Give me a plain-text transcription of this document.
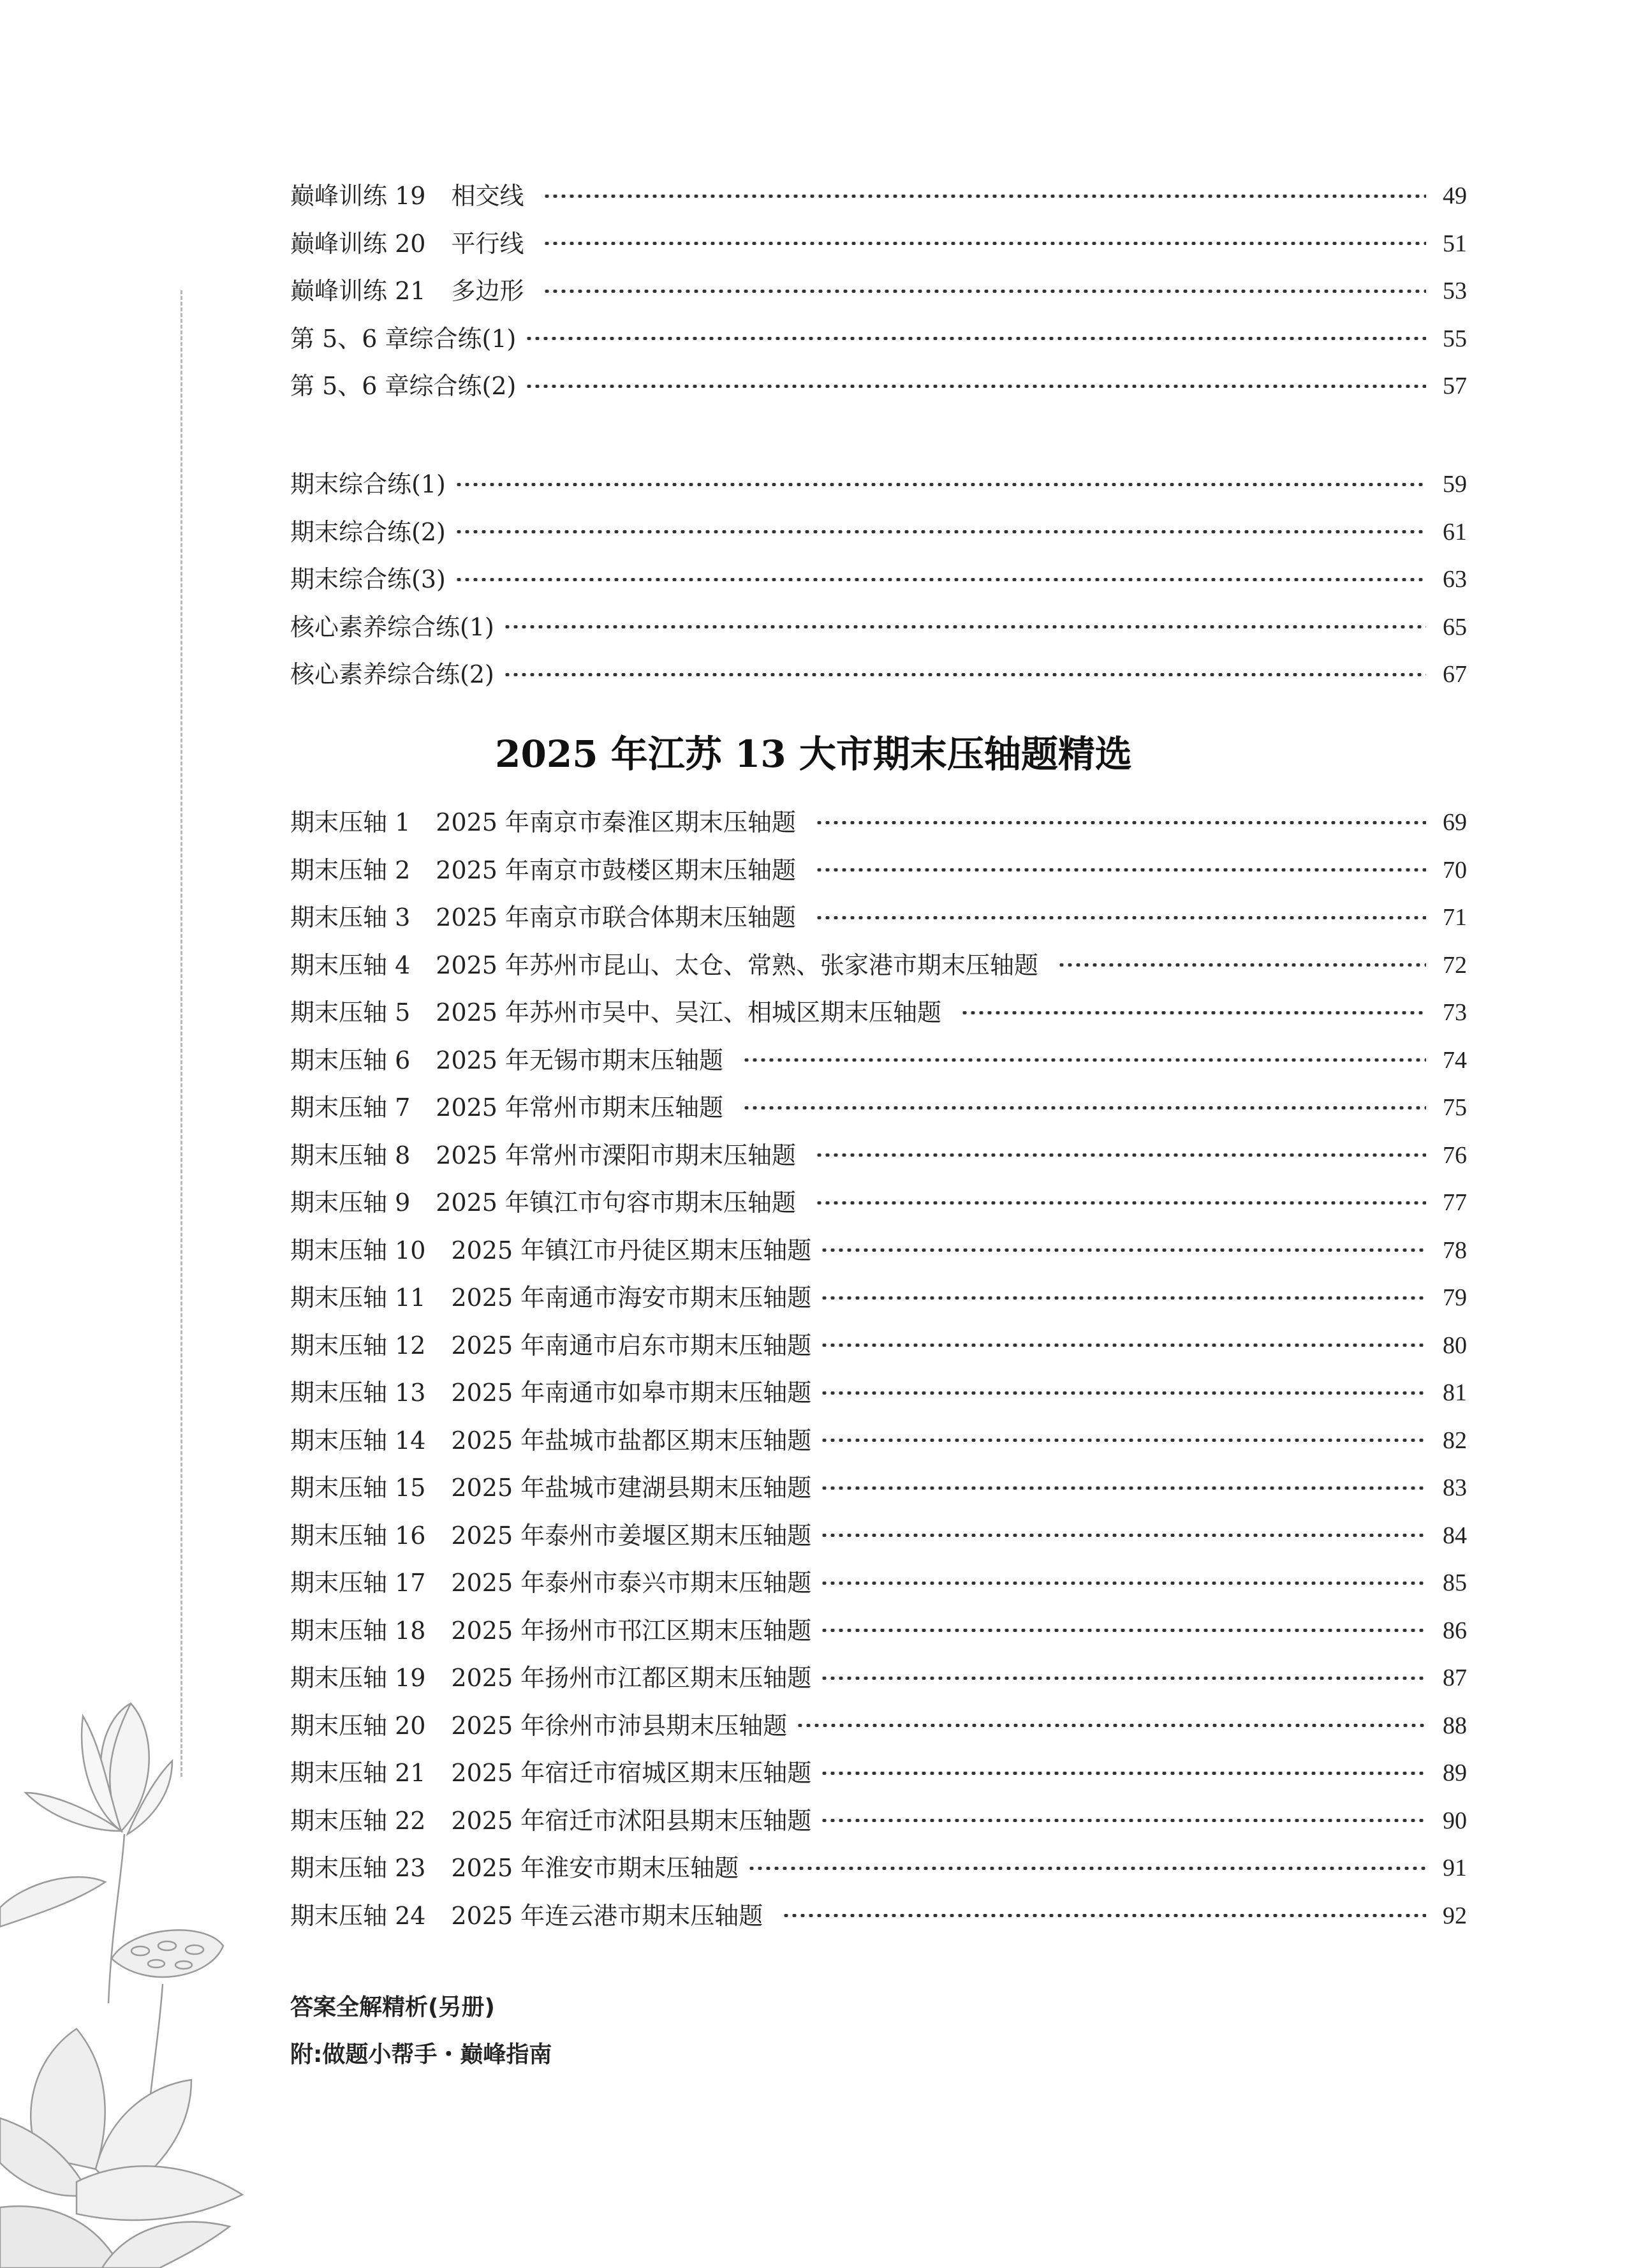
巅峰训练 19 相交线	49
巅峰训练 20 平行线	51
巅峰训练 21 多边形	53
第 5、6 章综合练(1)	55
第 5、6 章综合练(2)	57
期末综合练(1)	59
期末综合练(2)	61
期末综合练(3)	63
核心素养综合练(1)	65
核心素养综合练(2)	67
2025 年江苏 13 大市期末压轴题精选
期末压轴 1 2025 年南京市秦淮区期末压轴题	69
期末压轴 2 2025 年南京市鼓楼区期末压轴题	70
期末压轴 3 2025 年南京市联合体期末压轴题	71
期末压轴 4 2025 年苏州市昆山、太仓、常熟、张家港市期末压轴题	72
期末压轴 5 2025 年苏州市吴中、吴江、相城区期末压轴题	73
期末压轴 6 2025 年无锡市期末压轴题	74
期末压轴 7 2025 年常州市期末压轴题	75
期末压轴 8 2025 年常州市溧阳市期末压轴题	76
期末压轴 9 2025 年镇江市句容市期末压轴题	77
期末压轴 10 2025 年镇江市丹徒区期末压轴题	78
期末压轴 11 2025 年南通市海安市期末压轴题	79
期末压轴 12 2025 年南通市启东市期末压轴题	80
期末压轴 13 2025 年南通市如皋市期末压轴题	81
期末压轴 14 2025 年盐城市盐都区期末压轴题	82
期末压轴 15 2025 年盐城市建湖县期末压轴题	83
期末压轴 16 2025 年泰州市姜堰区期末压轴题	84
期末压轴 17 2025 年泰州市泰兴市期末压轴题	85
期末压轴 18 2025 年扬州市邗江区期末压轴题	86
期末压轴 19 2025 年扬州市江都区期末压轴题	87
期末压轴 20 2025 年徐州市沛县期末压轴题	88
期末压轴 21 2025 年宿迁市宿城区期末压轴题	89
期末压轴 22 2025 年宿迁市沭阳县期末压轴题	90
期末压轴 23 2025 年淮安市期末压轴题	91
期末压轴 24 2025 年连云港市期末压轴题	92
答案全解精析(另册)
附:做题小帮手・巅峰指南
